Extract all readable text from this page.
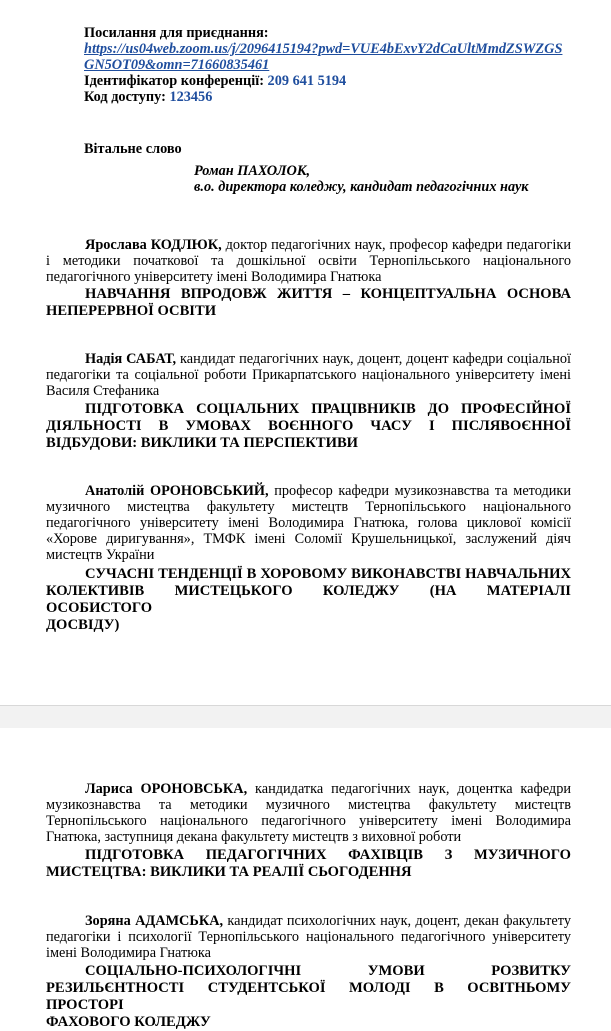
Посилання для приєднання:
https://us04web.zoom.us/j/2096415194?pwd=VUE4bExvY2dCaUltMmdZSWZGS
GN5OT09&omn=71660835461
Ідентифікатор конференції: 209 641 5194
Код доступу: 123456
Вітальне слово
Роман ПАХОЛОК,
в.о. директора коледжу, кандидат педагогічних наук
Ярослава КОДЛЮК, доктор педагогічних наук, професор кафедри педагогіки
і методики початкової та дошкільної освіти Тернопільського національного
педагогічного університету імені Володимира Гнатюка
НАВЧАННЯ ВПРОДОВЖ ЖИТТЯ – КОНЦЕПТУАЛЬНА ОСНОВА
НЕПЕРЕРВНОЇ ОСВІТИ
Надія САБАТ, кандидат педагогічних наук, доцент, доцент кафедри соціальної
педагогіки та соціальної роботи Прикарпатського національного університету імені
Василя Стефаника
ПІДГОТОВКА СОЦІАЛЬНИХ ПРАЦІВНИКІВ ДО ПРОФЕСІЙНОЇ
ДІЯЛЬНОСТІ В УМОВАХ ВОЄННОГО ЧАСУ І ПІСЛЯВОЄННОЇ
ВІДБУДОВИ: ВИКЛИКИ ТА ПЕРСПЕКТИВИ
Анатолій ОРОНОВСЬКИЙ, професор кафедри музикознавства та методики
музичного мистецтва факультету мистецтв Тернопільського національного
педагогічного університету імені Володимира Гнатюка, голова циклової комісії
«Хорове диригування», ТМФК імені Соломії Крушельницької, заслужений діяч
мистецтв України
СУЧАСНІ ТЕНДЕНЦІЇ В ХОРОВОМУ ВИКОНАВСТВІ НАВЧАЛЬНИХ
КОЛЕКТИВІВ МИСТЕЦЬКОГО КОЛЕДЖУ (НА МАТЕРІАЛІ ОСОБИСТОГО
ДОСВІДУ)
Лариса ОРОНОВСЬКА, кандидатка педагогічних наук, доцентка кафедри
музикознавства та методики музичного мистецтва факультету мистецтв
Тернопільського національного педагогічного університету імені Володимира
Гнатюка, заступниця декана факультету мистецтв з виховної роботи
ПІДГОТОВКА ПЕДАГОГІЧНИХ ФАХІВЦІВ З МУЗИЧНОГО
МИСТЕЦТВА: ВИКЛИКИ ТА РЕАЛІЇ СЬОГОДЕННЯ
Зоряна АДАМСЬКА, кандидат психологічних наук, доцент, декан факультету
педагогіки і психології Тернопільського національного педагогічного університету
імені Володимира Гнатюка
СОЦІАЛЬНО-ПСИХОЛОГІЧНІ УМОВИ РОЗВИТКУ
РЕЗИЛЬЄНТНОСТІ СТУДЕНТСЬКОЇ МОЛОДІ В ОСВІТНЬОМУ ПРОСТОРІ
ФАХОВОГО КОЛЕДЖУ
